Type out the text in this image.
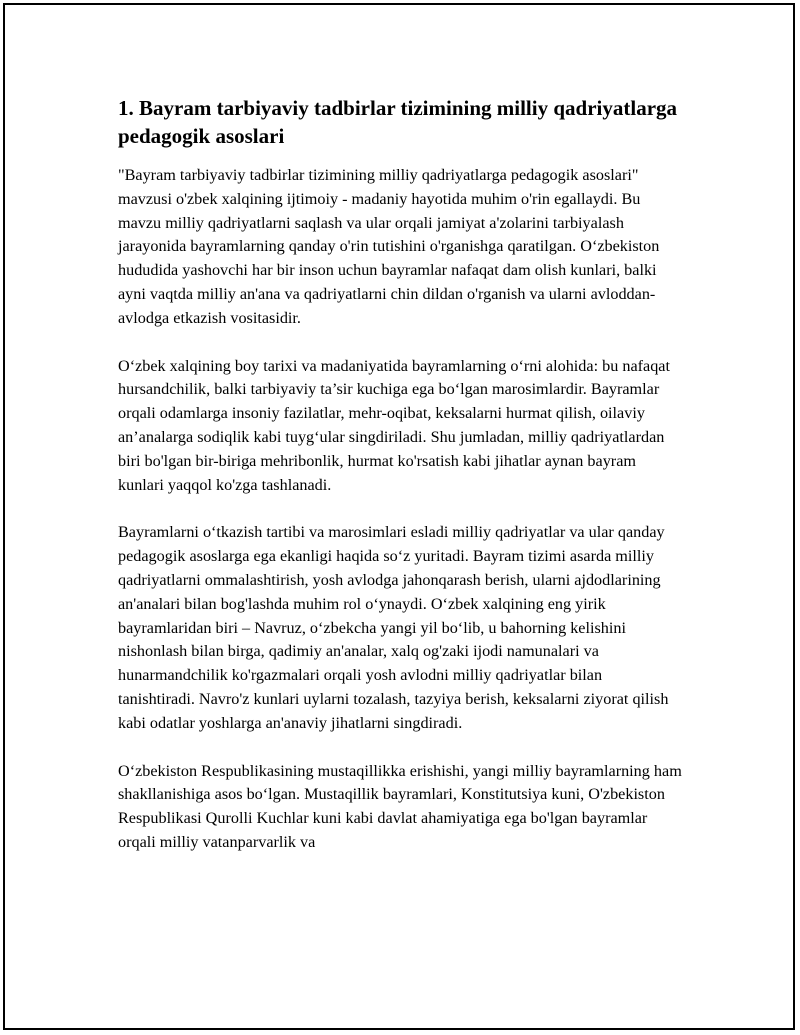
1. Bayram tarbiyaviy tadbirlar tizimining milliy qadriyatlarga pedagogik asoslari

"Bayram tarbiyaviy tadbirlar tizimining milliy qadriyatlarga pedagogik asoslari" mavzusi o'zbek xalqining ijtimoiy - madaniy hayotida muhim o'rin egallaydi. Bu mavzu milliy qadriyatlarni saqlash va ular orqali jamiyat a'zolarini tarbiyalash jarayonida bayramlarning qanday o'rin tutishini o'rganishga qaratilgan. O‘zbekiston hududida yashovchi har bir inson uchun bayramlar nafaqat dam olish kunlari, balki ayni vaqtda milliy an'ana va qadriyatlarni chin dildan o'rganish va ularni avloddan-avlodga etkazish vositasidir.

O‘zbek xalqining boy tarixi va madaniyatida bayramlarning o‘rni alohida: bu nafaqat hursandchilik, balki tarbiyaviy ta’sir kuchiga ega bo‘lgan marosimlardir. Bayramlar orqali odamlarga insoniy fazilatlar, mehr-oqibat, keksalarni hurmat qilish, oilaviy an’analarga sodiqlik kabi tuyg‘ular singdiriladi. Shu jumladan, milliy qadriyatlardan biri bo'lgan bir-biriga mehribonlik, hurmat ko'rsatish kabi jihatlar aynan bayram kunlari yaqqol ko'zga tashlanadi.

Bayramlarni o‘tkazish tartibi va marosimlari esladi milliy qadriyatlar va ular qanday pedagogik asoslarga ega ekanligi haqida so‘z yuritadi. Bayram tizimi asarda milliy qadriyatlarni ommalashtirish, yosh avlodga jahonqarash berish, ularni ajdodlarining an'analari bilan bog'lashda muhim rol o‘ynaydi. O‘zbek xalqining eng yirik bayramlaridan biri – Navruz, o‘zbekcha yangi yil bo‘lib, u bahorning kelishini nishonlash bilan birga, qadimiy an'analar, xalq og'zaki ijodi namunalari va hunarmandchilik ko'rgazmalari orqali yosh avlodni milliy qadriyatlar bilan tanishtiradi. Navro'z kunlari uylarni tozalash, tazyiya berish, keksalarni ziyorat qilish kabi odatlar yoshlarga an'anaviy jihatlarni singdiradi.

O‘zbekiston Respublikasining mustaqillikka erishishi, yangi milliy bayramlarning ham shakllanishiga asos bo‘lgan. Mustaqillik bayramlari, Konstitutsiya kuni, O'zbekiston Respublikasi Qurolli Kuchlar kuni kabi davlat ahamiyatiga ega bo'lgan bayramlar orqali milliy vatanparvarlik va
